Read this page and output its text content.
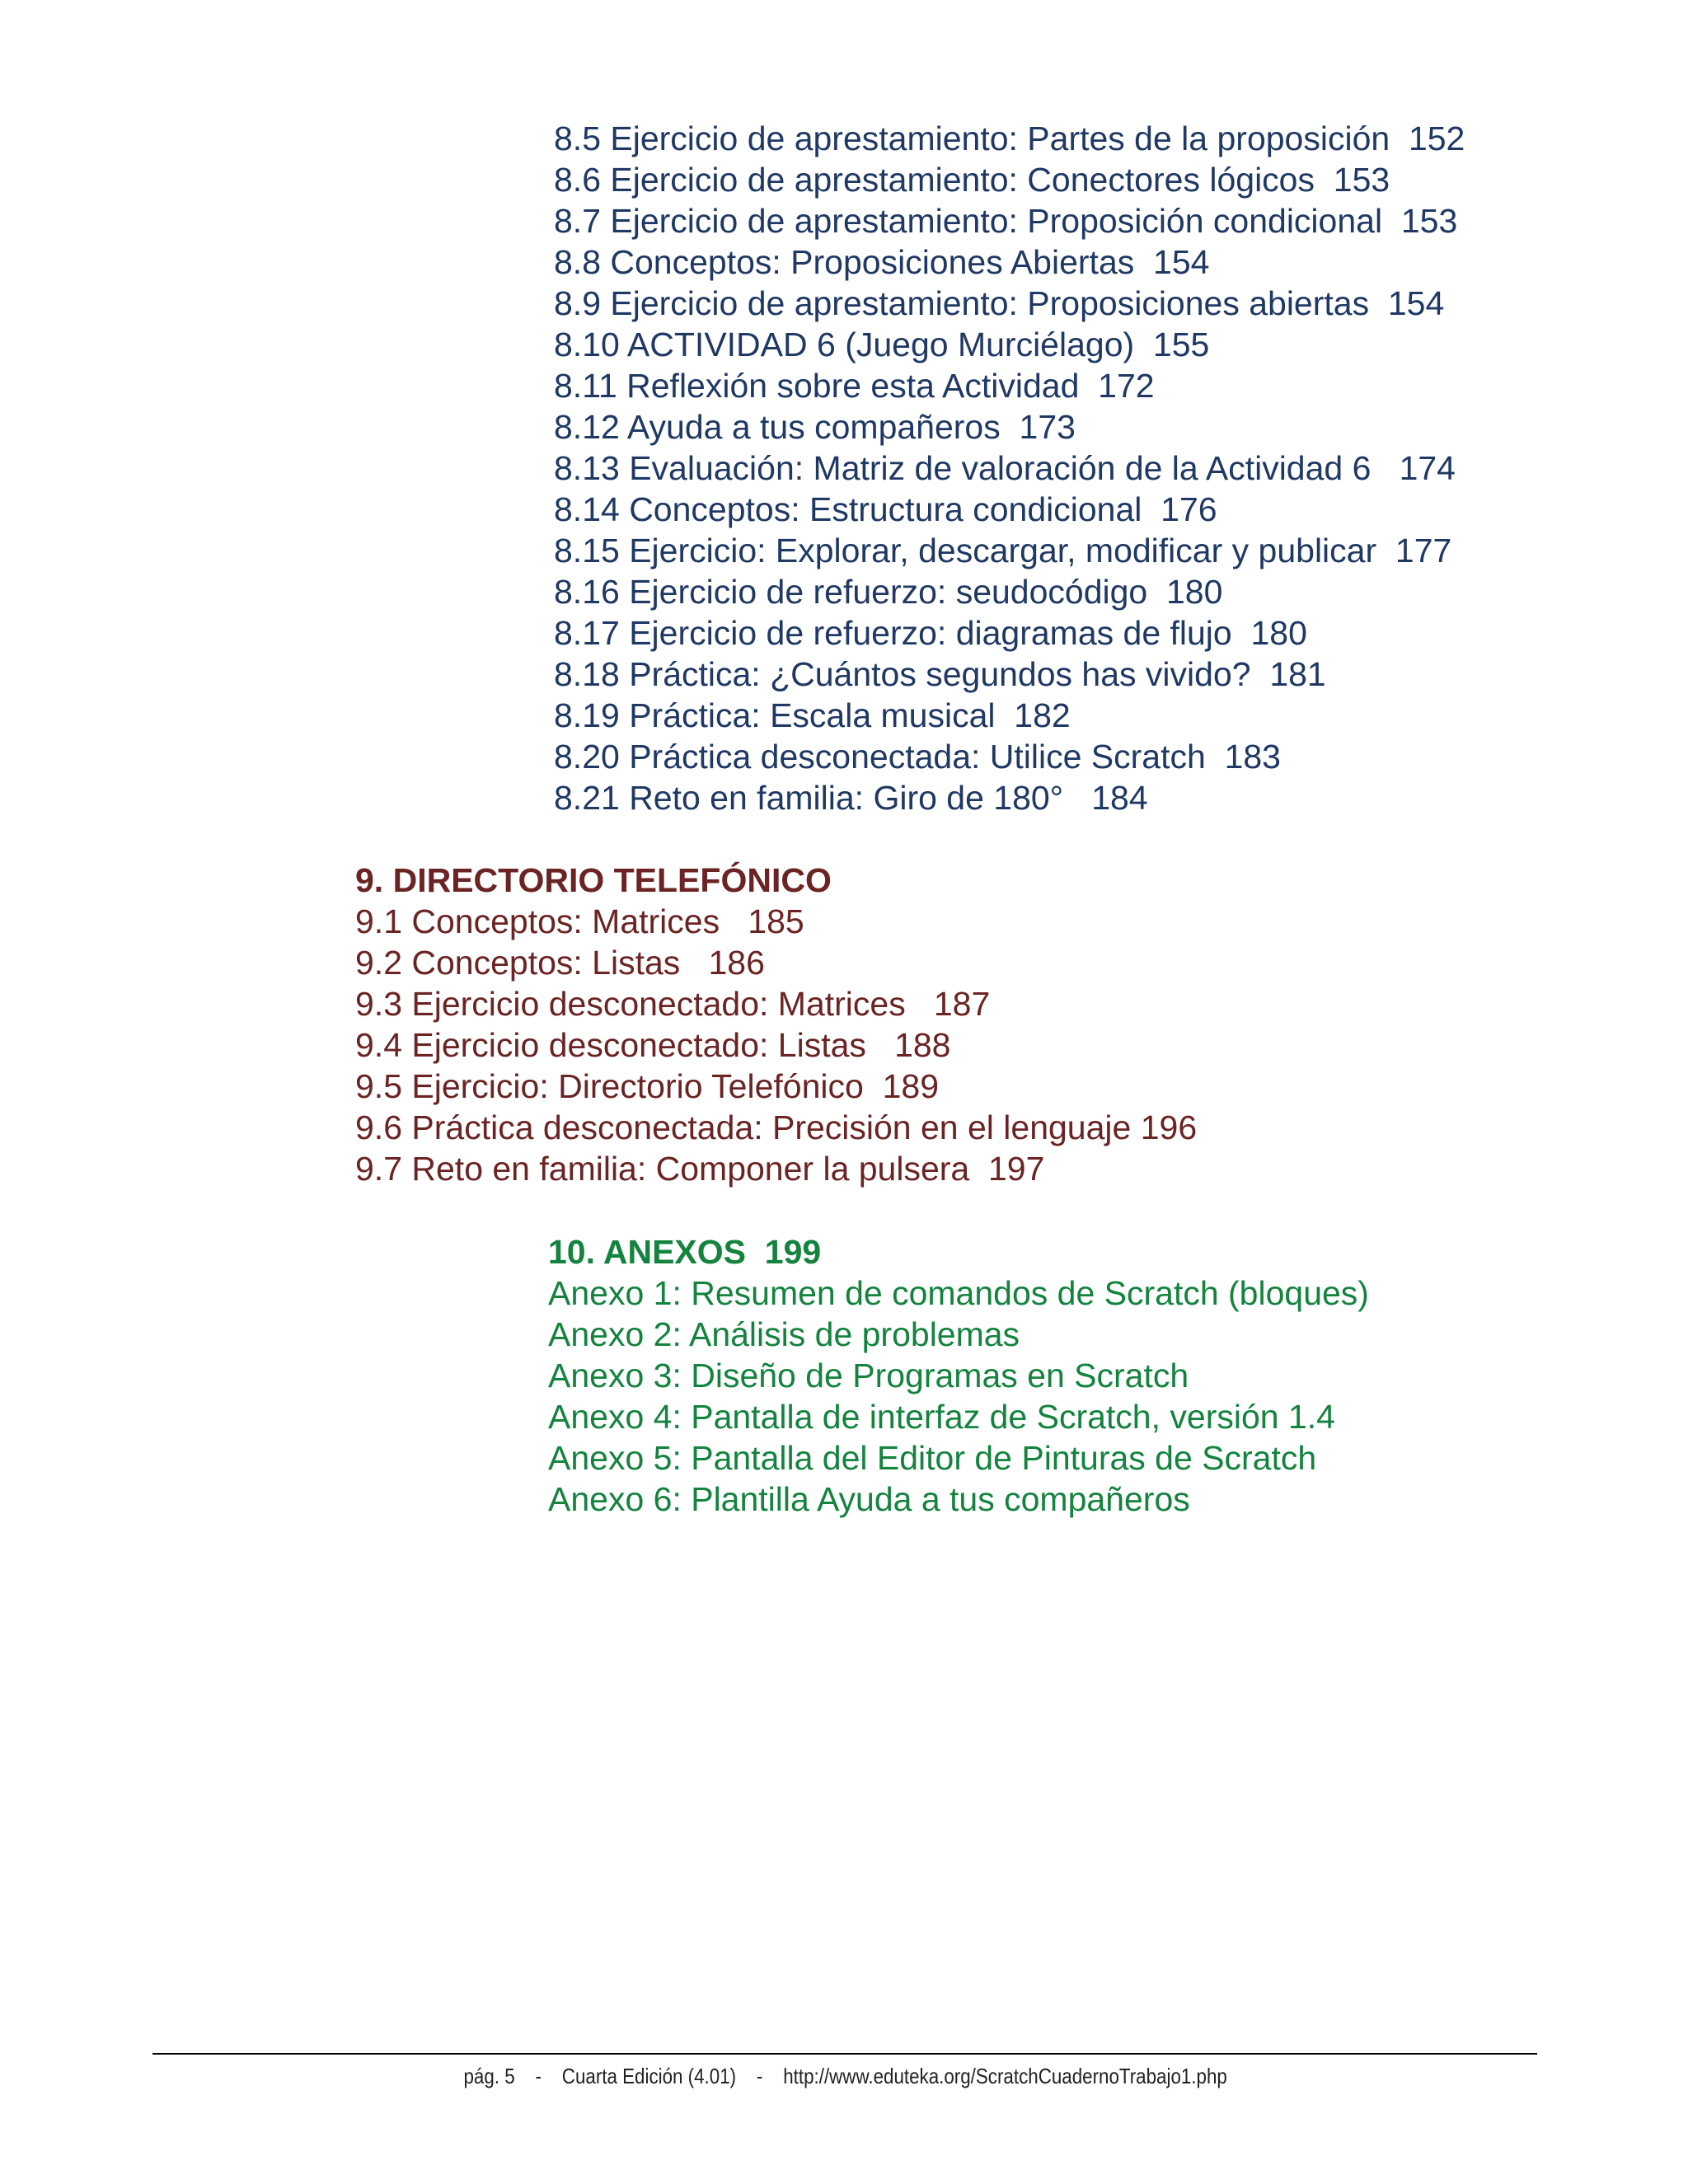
8.5 Ejercicio de aprestamiento: Partes de la proposición  152

8.6 Ejercicio de aprestamiento: Conectores lógicos  153

8.7 Ejercicio de aprestamiento: Proposición condicional  153

8.8 Conceptos: Proposiciones Abiertas  154

8.9 Ejercicio de aprestamiento: Proposiciones abiertas  154

8.10 ACTIVIDAD 6 (Juego Murciélago)  155

8.11 Reflexión sobre esta Actividad  172

8.12 Ayuda a tus compañeros  173

8.13 Evaluación: Matriz de valoración de la Actividad 6   174

8.14 Conceptos: Estructura condicional  176

8.15 Ejercicio: Explorar, descargar, modificar y publicar  177

8.16 Ejercicio de refuerzo: seudocódigo  180

8.17 Ejercicio de refuerzo: diagramas de flujo  180

8.18 Práctica: ¿Cuántos segundos has vivido?  181

8.19 Práctica: Escala musical  182

8.20 Práctica desconectada: Utilice Scratch  183

8.21 Reto en familia: Giro de 180°   184

9. DIRECTORIO TELEFÓNICO

9.1 Conceptos: Matrices   185

9.2 Conceptos: Listas   186

9.3 Ejercicio desconectado: Matrices   187

9.4 Ejercicio desconectado: Listas   188

9.5 Ejercicio: Directorio Telefónico  189

9.6 Práctica desconectada: Precisión en el lenguaje 196

9.7 Reto en familia: Componer la pulsera  197

10. ANEXOS  199

Anexo 1: Resumen de comandos de Scratch (bloques)

Anexo 2: Análisis de problemas

Anexo 3: Diseño de Programas en Scratch

Anexo 4: Pantalla de interfaz de Scratch, versión 1.4

Anexo 5: Pantalla del Editor de Pinturas de Scratch

Anexo 6: Plantilla Ayuda a tus compañeros

pág. 5    -    Cuarta Edición (4.01)    -    http://www.eduteka.org/ScratchCuadernoTrabajo1.php
